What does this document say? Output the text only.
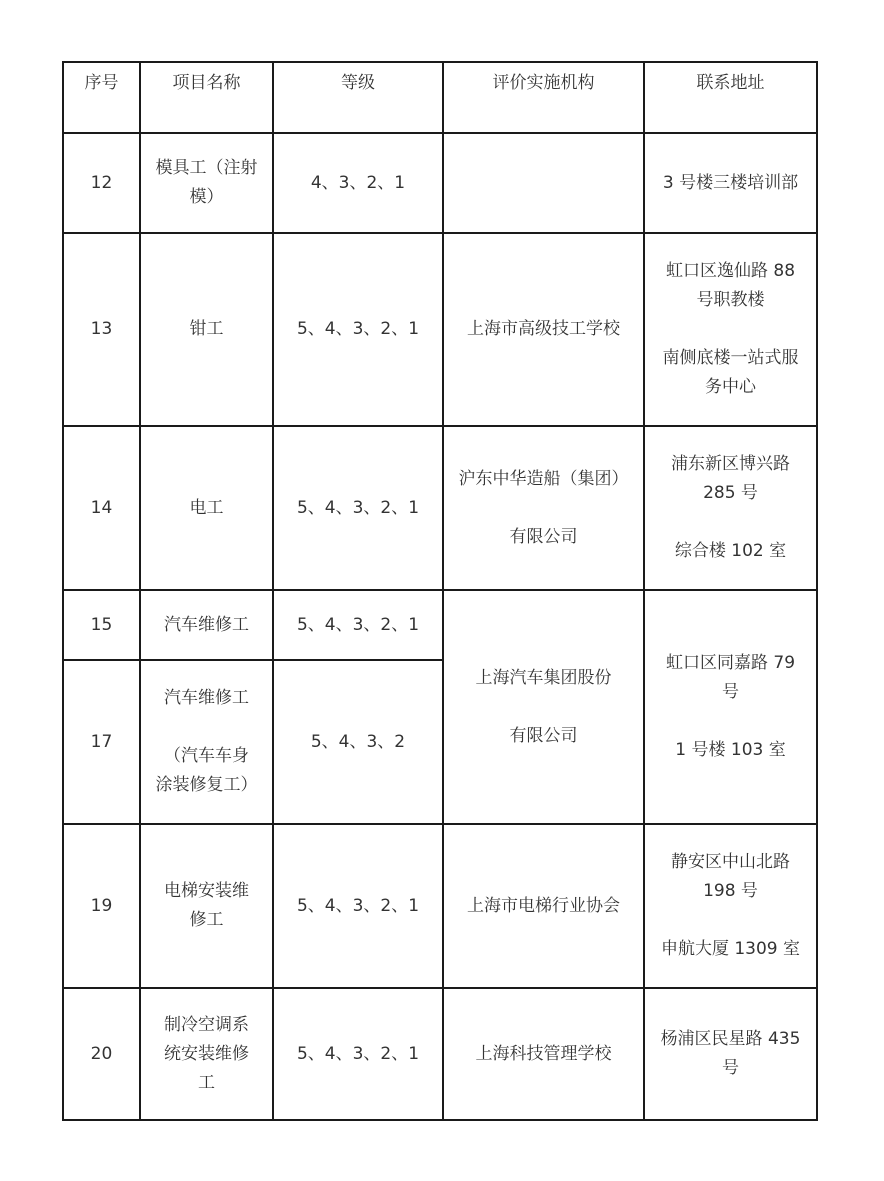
序号	项目名称	等级	评价实施机构	联系地址
12	模具工（注射
模）	4、3、2、1		3 号楼三楼培训部

13	钳工	5、4、3、2、1	上海市高级技工学校	虹口区逸仙路 88
号职教楼
南侧底楼一站式服
务中心

14	电工	5、4、3、2、1	沪东中华造船（集团）
有限公司	浦东新区博兴路
285 号
综合楼 102 室

15	汽车维修工	5、4、3、2、1	上海汽车集团股份
有限公司	虹口区同嘉路 79
号
1 号楼 103 室

17	汽车维修工
（汽车车身
涂装修复工）	5、4、3、2		
19	电梯安装维
修工	5、4、3、2、1	上海市电梯行业协会	静安区中山北路
198 号
申航大厦 1309 室

20	制冷空调系
统安装维修
工	5、4、3、2、1	上海科技管理学校	杨浦区民星路 435
号
